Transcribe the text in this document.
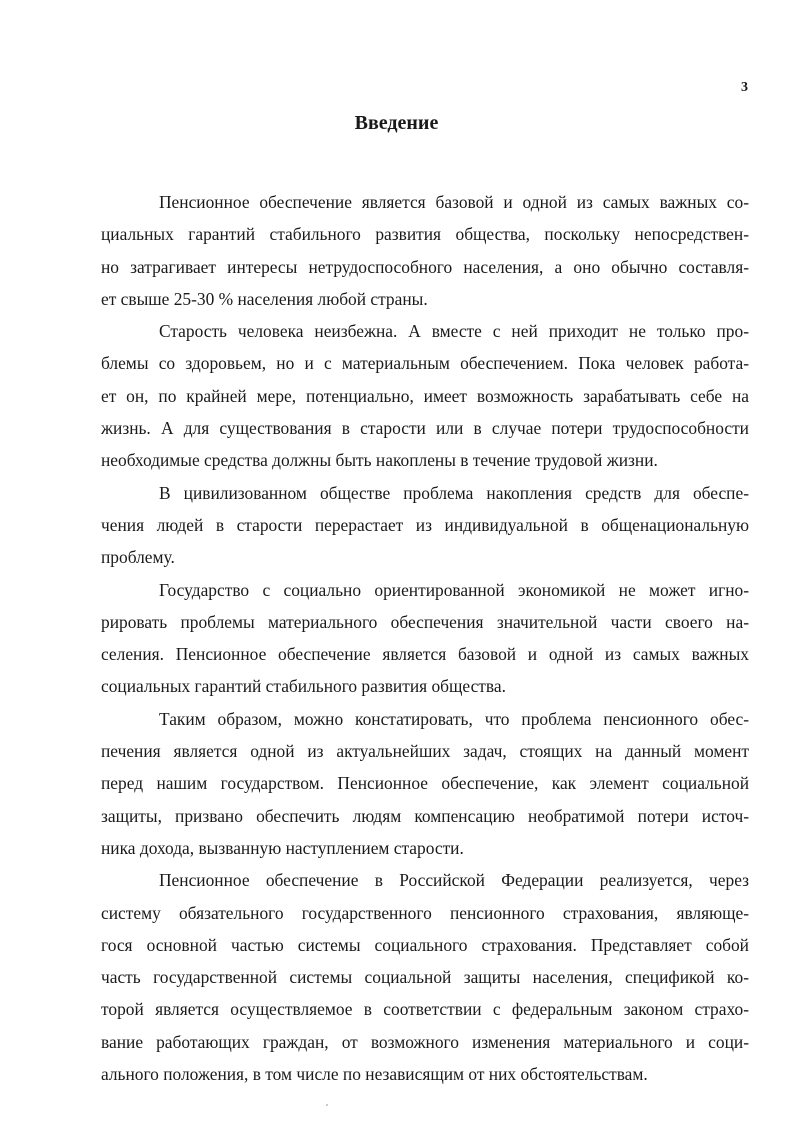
3
Введение

Пенсионное обеспечение является базовой и одной из самых важных со-
циальных гарантий стабильного развития общества, поскольку непосредствен-
но затрагивает интересы нетрудоспособного населения, а оно обычно составля-
ет свыше 25-30 % населения любой страны.

Старость человека неизбежна. А вместе с ней приходит не только про-
блемы со здоровьем, но и с материальным обеспечением. Пока человек работа-
ет он, по крайней мере, потенциально, имеет возможность зарабатывать себе на
жизнь. А для существования в старости или в случае потери трудоспособности
необходимые средства должны быть накоплены в течение трудовой жизни.

В цивилизованном обществе проблема накопления средств для обеспе-
чения людей в старости перерастает из индивидуальной в общенациональную
проблему.

Государство с социально ориентированной экономикой не может игно-
рировать проблемы материального обеспечения значительной части своего на-
селения. Пенсионное обеспечение является базовой и одной из самых важных
социальных гарантий стабильного развития общества.

Таким образом, можно констатировать, что проблема пенсионного обес-
печения является одной из актуальнейших задач, стоящих на данный момент
перед нашим государством. Пенсионное обеспечение, как элемент социальной
защиты, призвано обеспечить людям компенсацию необратимой потери источ-
ника дохода, вызванную наступлением старости.

Пенсионное обеспечение в Российской Федерации реализуется, через
систему обязательного государственного пенсионного страхования, являюще-
гося основной частью системы социального страхования. Представляет собой
часть государственной системы социальной защиты населения, спецификой ко-
торой является осуществляемое в соответствии с федеральным законом страхо-
вание работающих граждан, от возможного изменения материального и соци-
ального положения, в том числе по независящим от них обстоятельствам.
